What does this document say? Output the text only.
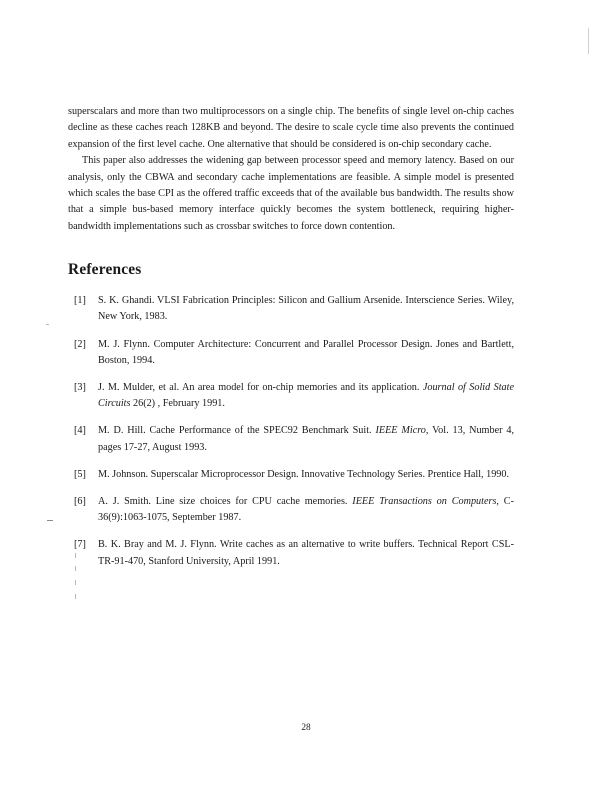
superscalars and more than two multiprocessors on a single chip. The benefits of single level on-chip caches decline as these caches reach 128KB and beyond. The desire to scale cycle time also prevents the continued expansion of the first level cache. One alternative that should be considered is on-chip secondary cache.

This paper also addresses the widening gap between processor speed and memory latency. Based on our analysis, only the CBWA and secondary cache implementations are feasible. A simple model is presented which scales the base CPI as the offered traffic exceeds that of the available bus bandwidth. The results show that a simple bus-based memory interface quickly becomes the system bottleneck, requiring higher-bandwidth implementations such as crossbar switches to force down contention.

References
[1]	S. K. Ghandi. VLSI Fabrication Principles: Silicon and Gallium Arsenide. Interscience Series. Wiley, New York, 1983.
[2]	M. J. Flynn. Computer Architecture: Concurrent and Parallel Processor Design. Jones and Bartlett, Boston, 1994.
[3]	J. M. Mulder, et al. An area model for on-chip memories and its application. Journal of Solid State Circuits 26(2) , February 1991.
[4]	M. D. Hill. Cache Performance of the SPEC92 Benchmark Suit. IEEE Micro, Vol. 13, Number 4, pages 17-27, August 1993.
[5]	M. Johnson. Superscalar Microprocessor Design. Innovative Technology Series. Prentice Hall, 1990.
[6]	A. J. Smith. Line size choices for CPU cache memories. IEEE Transactions on Computers, C-36(9):1063-1075, September 1987.
[7]	B. K. Bray and M. J. Flynn. Write caches as an alternative to write buffers. Technical Report CSL-TR-91-470, Stanford University, April 1991.
28
